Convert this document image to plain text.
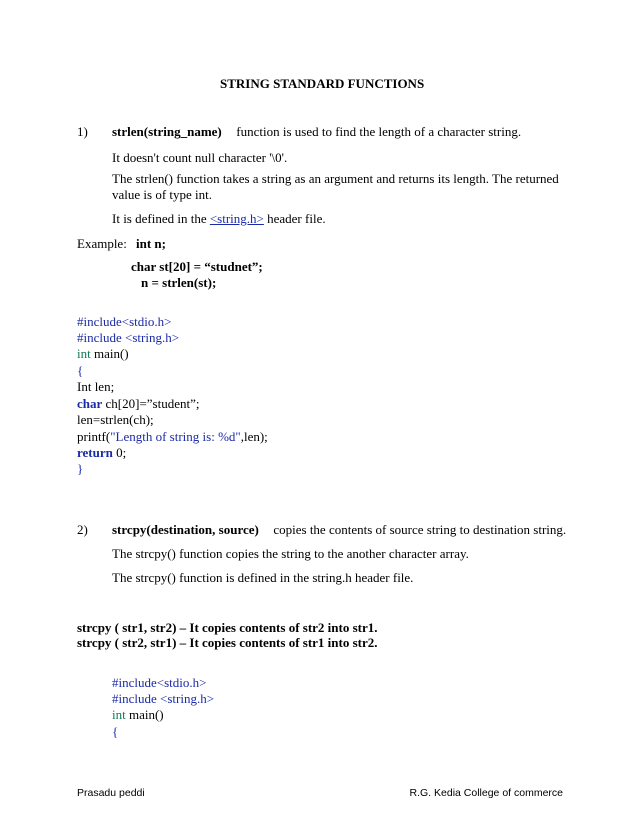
STRING STANDARD FUNCTIONS
1) strlen(string_name) function is used to find the length of a character string.
It doesn't count null character '\0'.
The strlen() function takes a string as an argument and returns its length. The returned
value is of type int.
It is defined in the <string.h> header file.
Example: int n;
char st[20] = “studnet”;
n = strlen(st);
#include<stdio.h>
#include <string.h>
int main()
{
Int len;
char ch[20]=”student”;
len=strlen(ch);
printf("Length of string is: %d",len);
return 0;
}
2) strcpy(destination, source) copies the contents of source string to destination string.
The strcpy() function copies the string to the another character array.
The strcpy() function is defined in the string.h header file.
strcpy ( str1, str2) – It copies contents of str2 into str1.
strcpy ( str2, str1) – It copies contents of str1 into str2.
#include<stdio.h>
#include <string.h>
int main()
{
Prasadu peddi	R.G. Kedia College of commerce
